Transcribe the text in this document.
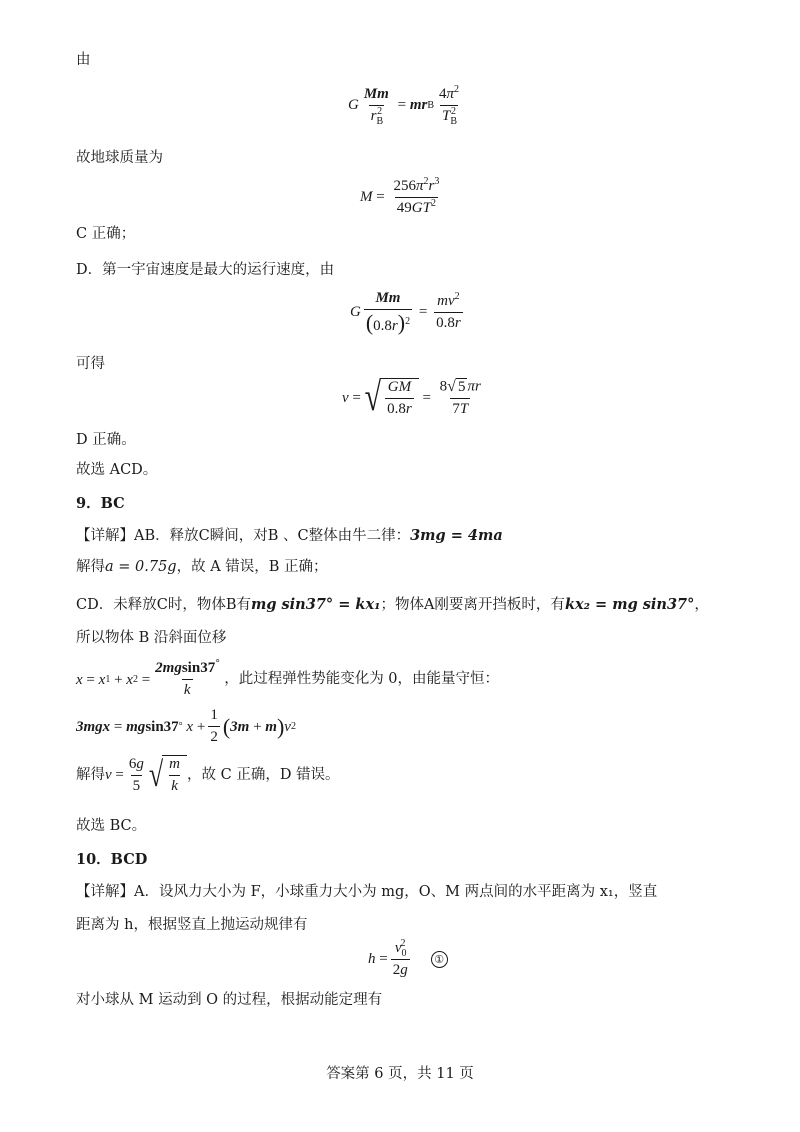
由
G $\frac{Mm}{r_B^2}$ = mr B
$4\pi^2$
$T_B^2$
故地球质量为
$M = \frac{256\pi^2r^3}{49GT^2}$
C 正确；
D．第一宇宙速度是最大的运行速度，由
G $\frac{Mm}{(0.8r)^2} = \frac{mv^2}{0.8r}$
可得
v = √ $\frac{GM}{0.8r} = \frac{8 √ 5 \pi r}{7T}$
D 正确。
故选 ACD。
9．BC
【详解】AB．释放C瞬间，对B 、C整体由牛二律：3mg = 4ma
解得a = 0.75g，故 A 错误，B 正确；
CD．未释放C时，物体B有mg sin37° = kx₁；物体A刚要离开挡板时，有kx₂ = mg sin37°，
所以物体 B 沿斜面位移
x = x 1 + x 2 =
2mgsin37°
k
，此过程弹性势能变化为 0，由能量守恒：
3mgx = mg sin37 °
x +
1
2 ( 3m + m ) v 2
解得 v =
6g
5 √ $\frac{m}{k}$ ，故 C 正确，D 错误。
故选 BC。
10．BCD
【详解】A．设风力大小为 F，小球重力大小为 mg，O、M 两点间的水平距离为 x₁，竖直
距离为 h，根据竖直上抛运动规律有
h =
$v_0^2$
2g
①
对小球从 M 运动到 O 的过程，根据动能定理有
答案第 6 页，共 11 页
